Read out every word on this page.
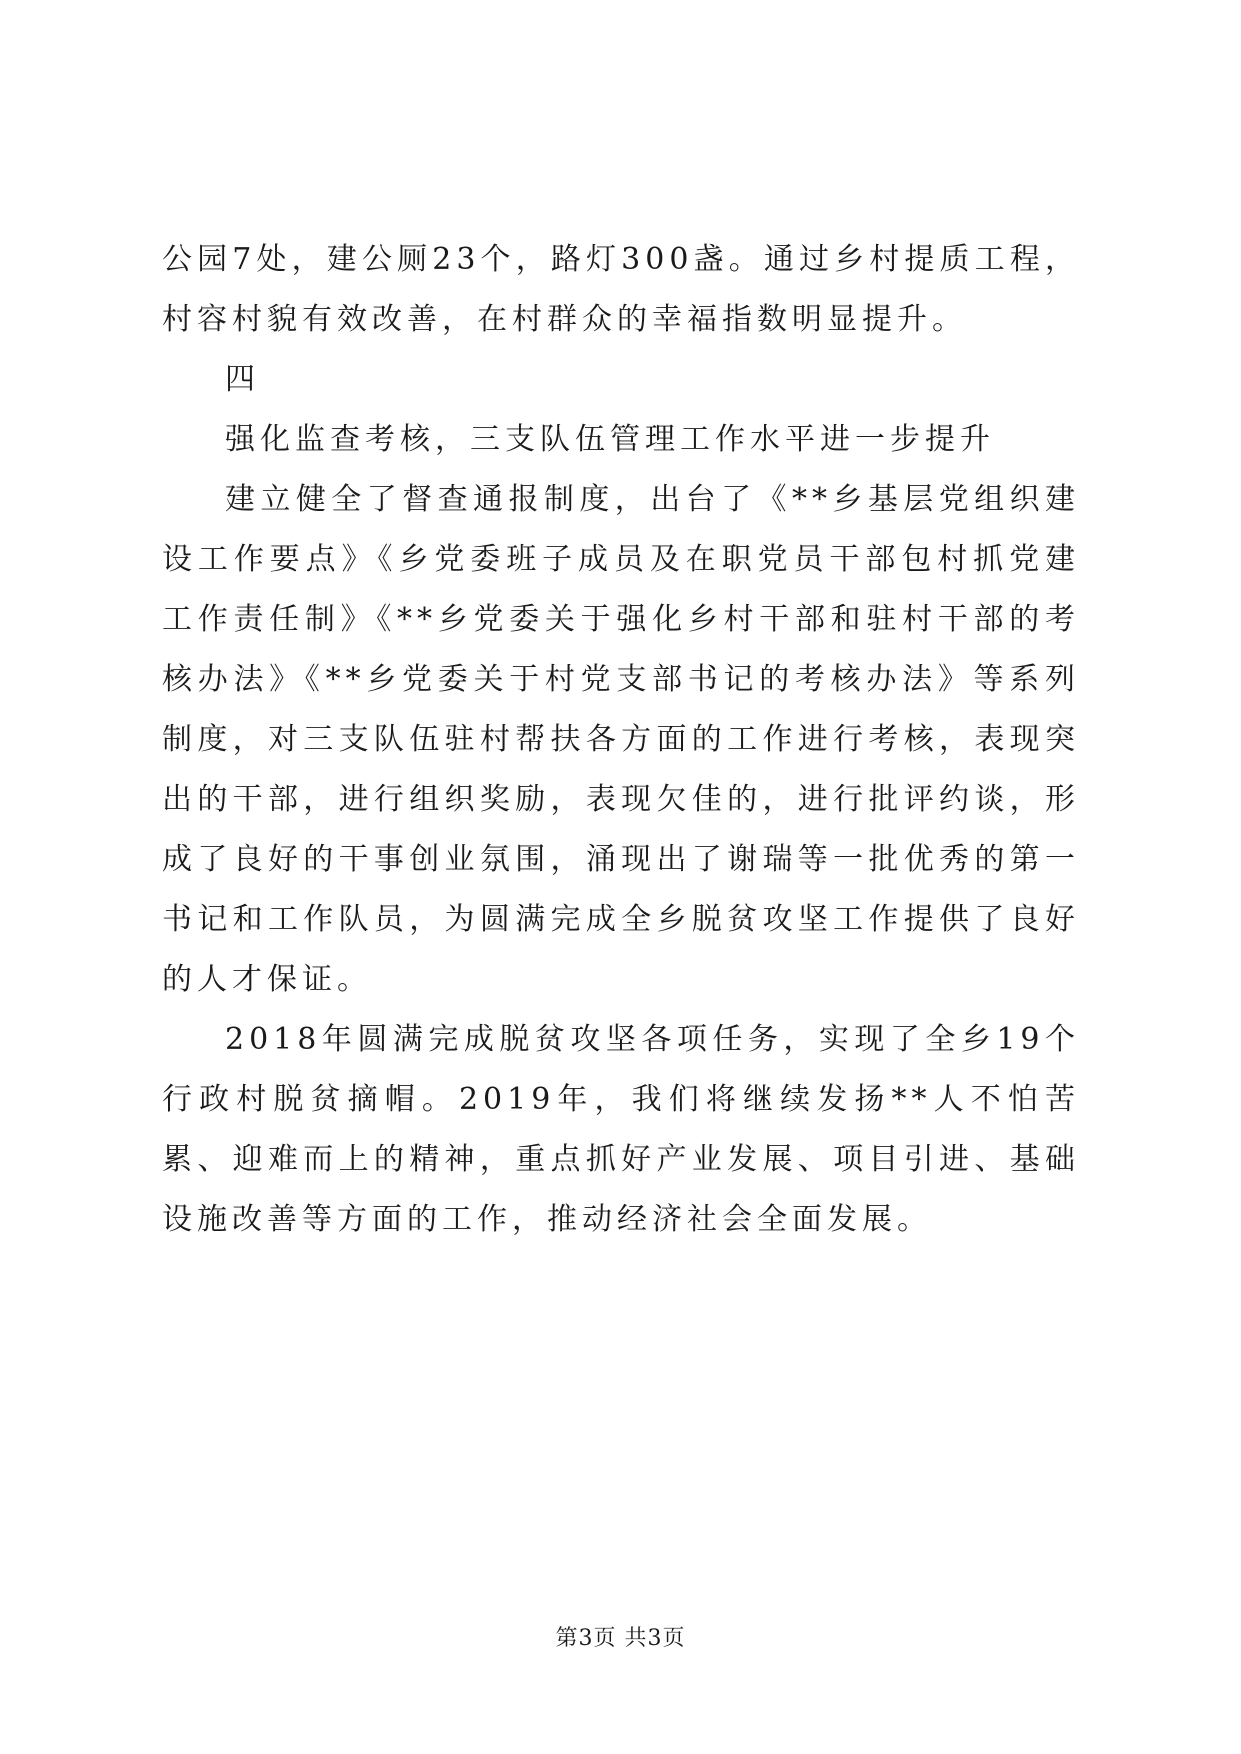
公园7处，建公厕23个，路灯300盏。通过乡村提质工程，村容村貌有效改善，在村群众的幸福指数明显提升。

四

强化监查考核，三支队伍管理工作水平进一步提升

建立健全了督查通报制度，出台了《**乡基层党组织建设工作要点》《乡党委班子成员及在职党员干部包村抓党建工作责任制》《**乡党委关于强化乡村干部和驻村干部的考核办法》《**乡党委关于村党支部书记的考核办法》等系列制度，对三支队伍驻村帮扶各方面的工作进行考核，表现突出的干部，进行组织奖励，表现欠佳的，进行批评约谈，形成了良好的干事创业氛围，涌现出了谢瑞等一批优秀的第一书记和工作队员，为圆满完成全乡脱贫攻坚工作提供了良好的人才保证。

2018年圆满完成脱贫攻坚各项任务，实现了全乡19个行政村脱贫摘帽。2019年，我们将继续发扬**人不怕苦累、迎难而上的精神，重点抓好产业发展、项目引进、基础设施改善等方面的工作，推动经济社会全面发展。

第3页 共3页
